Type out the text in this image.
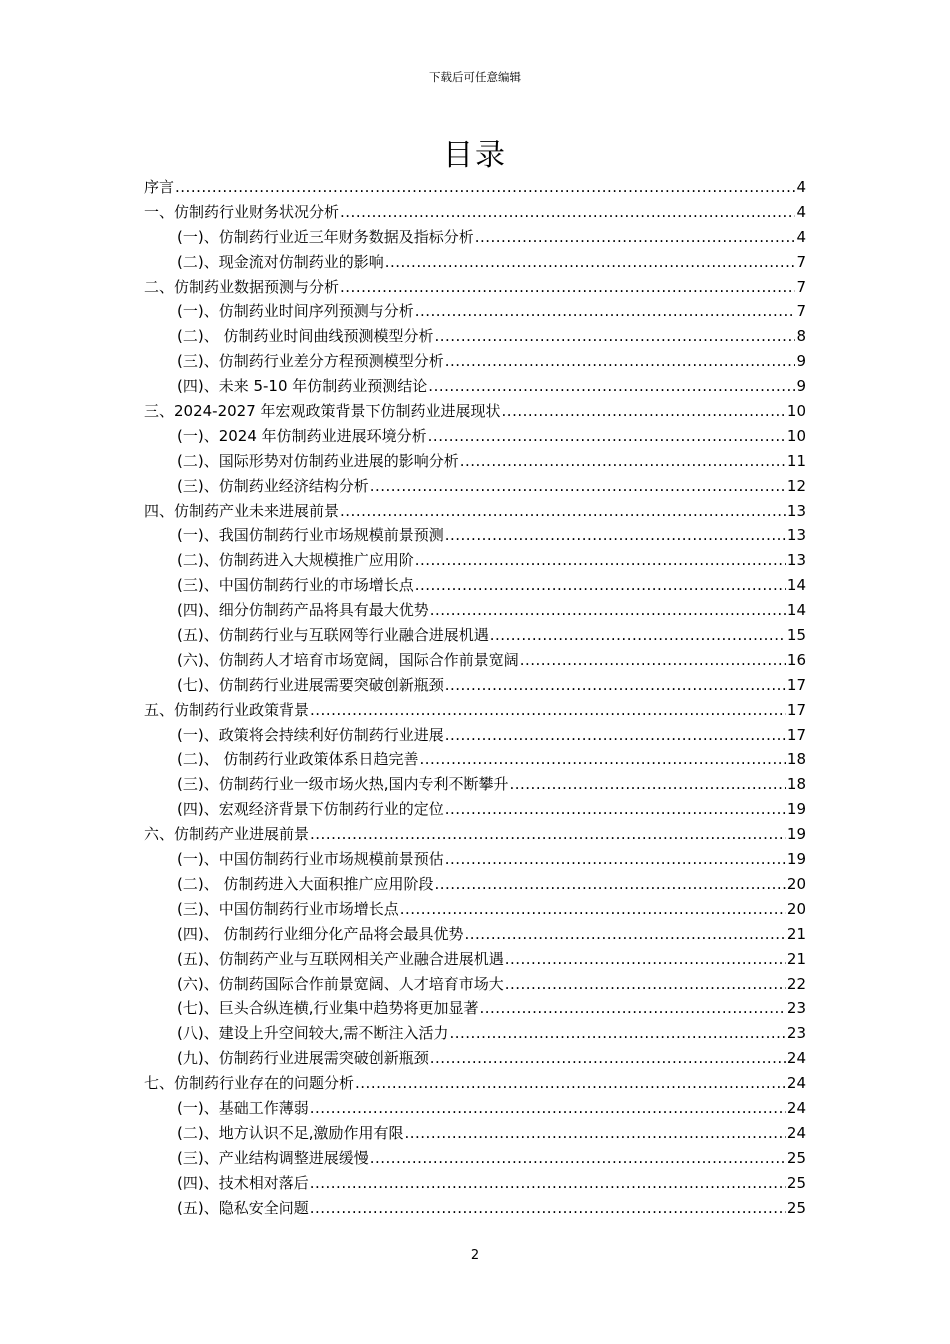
下载后可任意编辑
目录
序言 .....	4
一、仿制药行业财务状况分析 .....	4
(一)、仿制药行业近三年财务数据及指标分析 .....	4
(二)、现金流对仿制药业的影响 .....	7
二、仿制药业数据预测与分析 .....	7
(一)、仿制药业时间序列预测与分析 .....	7
(二)、 仿制药业时间曲线预测模型分析 .....	8
(三)、仿制药行业差分方程预测模型分析 .....	9
(四)、未来 5-10 年仿制药业预测结论 .....	9
三、2024-2027 年宏观政策背景下仿制药业进展现状 .....	10
(一)、2024 年仿制药业进展环境分析 .....	10
(二)、国际形势对仿制药业进展的影响分析 .....	11
(三)、仿制药业经济结构分析 .....	12
四、仿制药产业未来进展前景 .....	13
(一)、我国仿制药行业市场规模前景预测 .....	13
(二)、仿制药进入大规模推广应用阶 .....	13
(三)、中国仿制药行业的市场增长点 .....	14
(四)、细分仿制药产品将具有最大优势 .....	14
(五)、仿制药行业与互联网等行业融合进展机遇 .....	15
(六)、仿制药人才培育市场宽阔，国际合作前景宽阔 .....	16
(七)、仿制药行业进展需要突破创新瓶颈 .....	17
五、仿制药行业政策背景 .....	17
(一)、政策将会持续利好仿制药行业进展 .....	17
(二)、 仿制药行业政策体系日趋完善 .....	18
(三)、仿制药行业一级市场火热,国内专利不断攀升 .....	18
(四)、宏观经济背景下仿制药行业的定位 .....	19
六、仿制药产业进展前景 .....	19
(一)、中国仿制药行业市场规模前景预估 .....	19
(二)、 仿制药进入大面积推广应用阶段 .....	20
(三)、中国仿制药行业市场增长点 .....	20
(四)、 仿制药行业细分化产品将会最具优势 .....	21
(五)、仿制药产业与互联网相关产业融合进展机遇 .....	21
(六)、仿制药国际合作前景宽阔、人才培育市场大 .....	22
(七)、巨头合纵连横,行业集中趋势将更加显著 .....	23
(八)、建设上升空间较大,需不断注入活力 .....	23
(九)、仿制药行业进展需突破创新瓶颈 .....	24
七、仿制药行业存在的问题分析 .....	24
(一)、基础工作薄弱 .....	24
(二)、地方认识不足,激励作用有限 .....	24
(三)、产业结构调整进展缓慢 .....	25
(四)、技术相对落后 .....	25
(五)、隐私安全问题 .....	25
2
